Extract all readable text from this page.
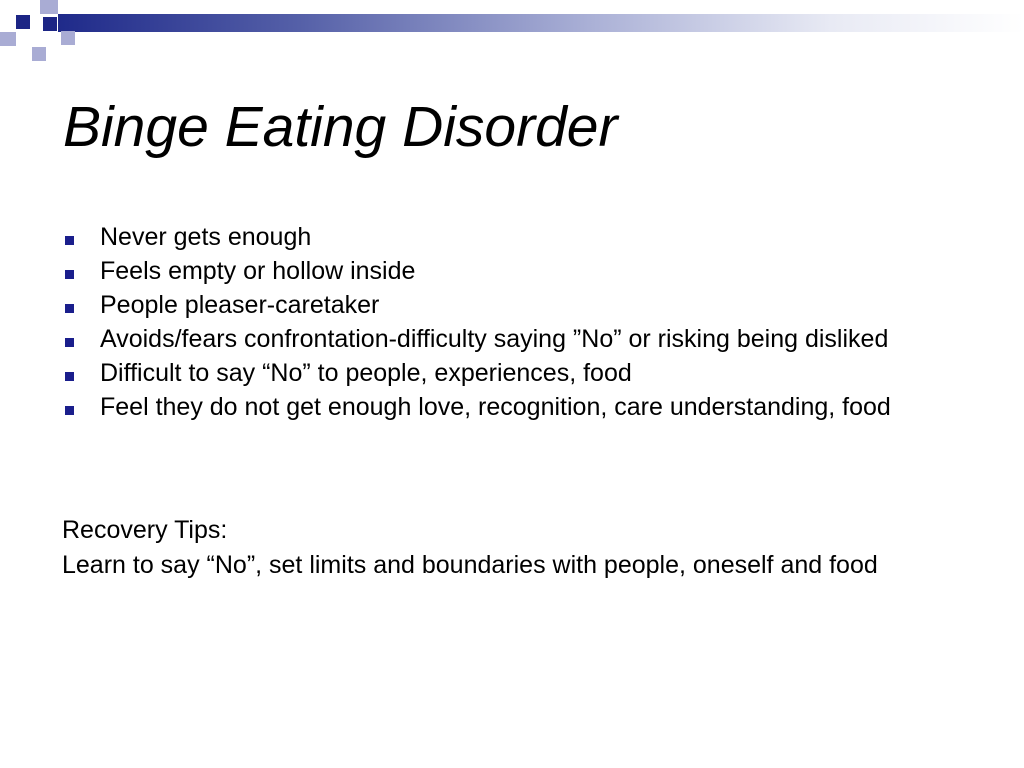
Binge Eating Disorder
Never gets enough
Feels empty or hollow inside
People pleaser-caretaker
Avoids/fears confrontation-difficulty saying ”No” or risking being disliked
Difficult to say “No” to people, experiences, food
Feel they do not get enough love, recognition, care understanding, food

Recovery Tips:

Learn to say “No”, set limits and boundaries with people, oneself and food
